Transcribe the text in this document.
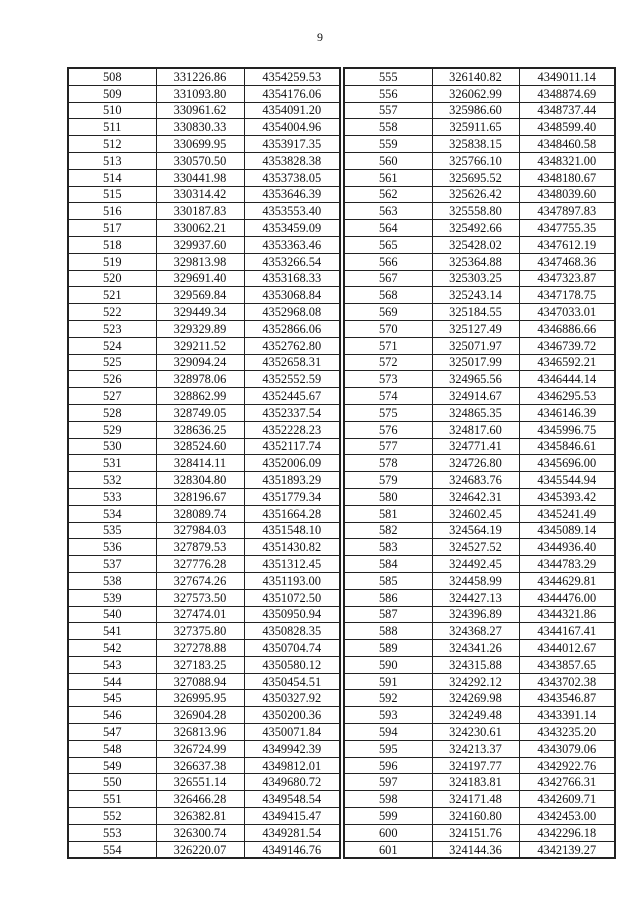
9
508	331226.86	4354259.53
509	331093.80	4354176.06
510	330961.62	4354091.20
511	330830.33	4354004.96
512	330699.95	4353917.35
513	330570.50	4353828.38
514	330441.98	4353738.05
515	330314.42	4353646.39
516	330187.83	4353553.40
517	330062.21	4353459.09
518	329937.60	4353363.46
519	329813.98	4353266.54
520	329691.40	4353168.33
521	329569.84	4353068.84
522	329449.34	4352968.08
523	329329.89	4352866.06
524	329211.52	4352762.80
525	329094.24	4352658.31
526	328978.06	4352552.59
527	328862.99	4352445.67
528	328749.05	4352337.54
529	328636.25	4352228.23
530	328524.60	4352117.74
531	328414.11	4352006.09
532	328304.80	4351893.29
533	328196.67	4351779.34
534	328089.74	4351664.28
535	327984.03	4351548.10
536	327879.53	4351430.82
537	327776.28	4351312.45
538	327674.26	4351193.00
539	327573.50	4351072.50
540	327474.01	4350950.94
541	327375.80	4350828.35
542	327278.88	4350704.74
543	327183.25	4350580.12
544	327088.94	4350454.51
545	326995.95	4350327.92
546	326904.28	4350200.36
547	326813.96	4350071.84
548	326724.99	4349942.39
549	326637.38	4349812.01
550	326551.14	4349680.72
551	326466.28	4349548.54
552	326382.81	4349415.47
553	326300.74	4349281.54
554	326220.07	4349146.76
555	326140.82	4349011.14
556	326062.99	4348874.69
557	325986.60	4348737.44
558	325911.65	4348599.40
559	325838.15	4348460.58
560	325766.10	4348321.00
561	325695.52	4348180.67
562	325626.42	4348039.60
563	325558.80	4347897.83
564	325492.66	4347755.35
565	325428.02	4347612.19
566	325364.88	4347468.36
567	325303.25	4347323.87
568	325243.14	4347178.75
569	325184.55	4347033.01
570	325127.49	4346886.66
571	325071.97	4346739.72
572	325017.99	4346592.21
573	324965.56	4346444.14
574	324914.67	4346295.53
575	324865.35	4346146.39
576	324817.60	4345996.75
577	324771.41	4345846.61
578	324726.80	4345696.00
579	324683.76	4345544.94
580	324642.31	4345393.42
581	324602.45	4345241.49
582	324564.19	4345089.14
583	324527.52	4344936.40
584	324492.45	4344783.29
585	324458.99	4344629.81
586	324427.13	4344476.00
587	324396.89	4344321.86
588	324368.27	4344167.41
589	324341.26	4344012.67
590	324315.88	4343857.65
591	324292.12	4343702.38
592	324269.98	4343546.87
593	324249.48	4343391.14
594	324230.61	4343235.20
595	324213.37	4343079.06
596	324197.77	4342922.76
597	324183.81	4342766.31
598	324171.48	4342609.71
599	324160.80	4342453.00
600	324151.76	4342296.18
601	324144.36	4342139.27
